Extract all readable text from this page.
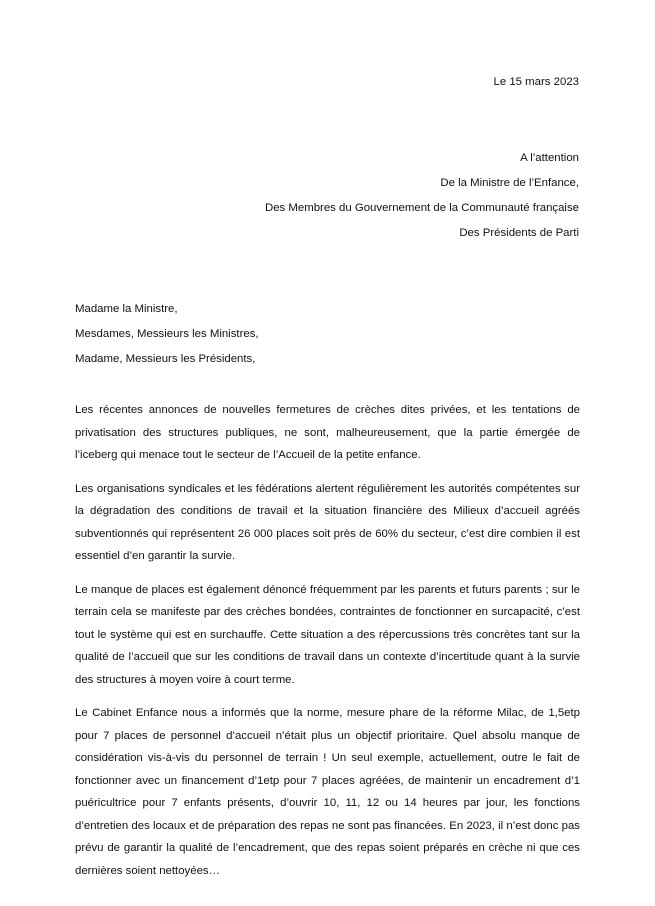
Le 15 mars 2023
A l’attention
De la Ministre de l’Enfance,
Des Membres du Gouvernement de la Communauté française
Des Présidents de Parti
Madame la Ministre,
Mesdames, Messieurs les Ministres,
Madame, Messieurs les Présidents,

Les récentes annonces de nouvelles fermetures de crèches dites privées, et les tentations de privatisation des structures publiques, ne sont, malheureusement, que la partie émergée de l’iceberg qui menace tout le secteur de l’Accueil de la petite enfance.

Les organisations syndicales et les fédérations alertent régulièrement les autorités compétentes sur la dégradation des conditions de travail et la situation financière des Milieux d’accueil agréés subventionnés qui représentent 26 000 places soit près de 60% du secteur, c’est dire combien il est essentiel d’en garantir la survie.

Le manque de places est également dénoncé fréquemment par les parents et futurs parents ; sur le terrain cela se manifeste par des crèches bondées, contraintes de fonctionner en surcapacité, c’est tout le système qui est en surchauffe. Cette situation a des répercussions très concrètes tant sur la qualité de l’accueil que sur les conditions de travail dans un contexte d’incertitude quant à la survie des structures à moyen voire à court terme.

Le Cabinet Enfance nous a informés que la norme, mesure phare de la réforme Milac, de 1,5etp pour 7 places de personnel d’accueil n’était plus un objectif prioritaire. Quel absolu manque de considération vis-à-vis du personnel de terrain ! Un seul exemple, actuellement, outre le fait de fonctionner avec un financement d’1etp pour 7 places agréées, de maintenir un encadrement d’1 puéricultrice pour 7 enfants présents, d’ouvrir 10, 11, 12 ou 14 heures par jour, les fonctions d’entretien des locaux et de préparation des repas ne sont pas financées. En 2023, il n’est donc pas prévu de garantir la qualité de l’encadrement, que des repas soient préparés en crèche ni que ces dernières soient nettoyées…
